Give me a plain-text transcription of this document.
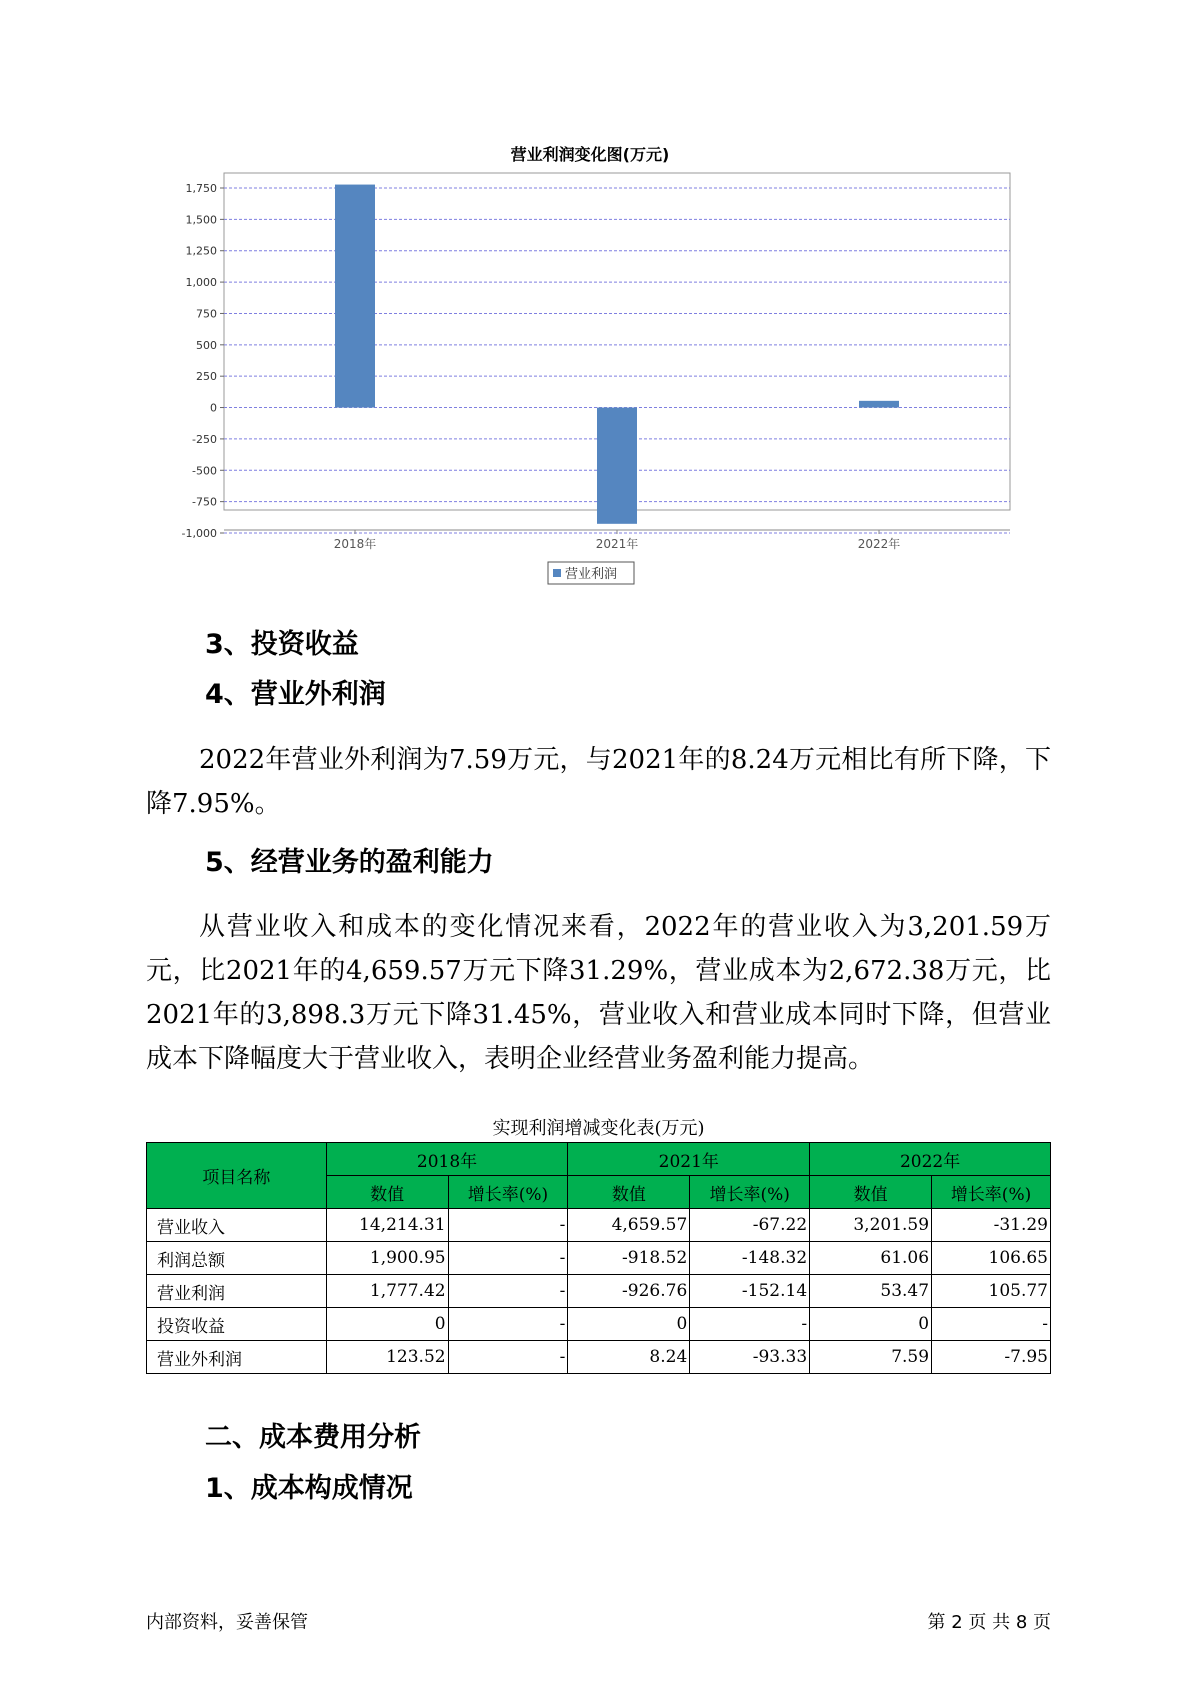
营业利润变化图(万元)
1,750
1,500
1,250
1,000
750
500
250
0
-250
-500
-750
-1,000
2018年	2021年	2022年
营业利润
3、投资收益
4、营业外利润

2022年营业外利润为7.59万元，与2021年的8.24万元相比有所下降，下降7.95%。

5、经营业务的盈利能力

从营业收入和成本的变化情况来看，2022年的营业收入为3,201.59万元，比2021年的4,659.57万元下降31.29%，营业成本为2,672.38万元，比2021年的3,898.3万元下降31.45%，营业收入和营业成本同时下降，但营业成本下降幅度大于营业收入，表明企业经营业务盈利能力提高。

实现利润增减变化表(万元)
项目名称	2018年		2021年		2022年	
	数值	增长率(%)	数值	增长率(%)	数值	增长率(%)
营业收入	14,214.31	-	4,659.57	-67.22	3,201.59	-31.29
利润总额	1,900.95	-	-918.52	-148.32	61.06	106.65
营业利润	1,777.42	-	-926.76	-152.14	53.47	105.77
投资收益	0	-	0	-	0	-
营业外利润	123.52	-	8.24	-93.33	7.59	-7.95
二、成本费用分析
1、成本构成情况
内部资料，妥善保管	第 2 页 共 8 页
